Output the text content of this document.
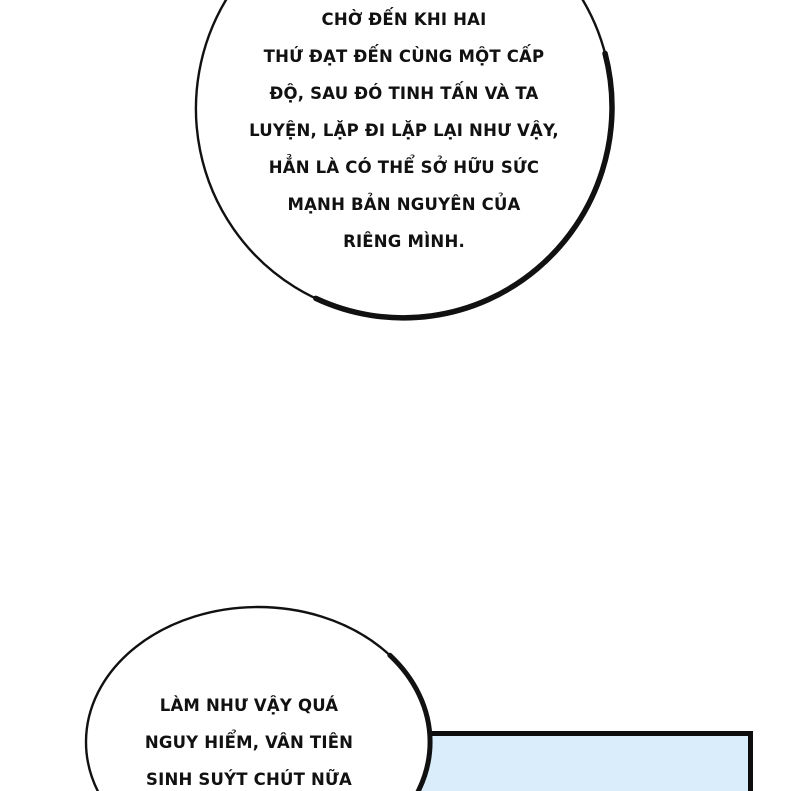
CHỜ ĐẾN KHI HAI
THỨ ĐẠT ĐẾN CÙNG MỘT CẤP
ĐỘ, SAU ĐÓ TINH TẤN VÀ TA
LUYỆN, LẶP ĐI LẶP LẠI NHƯ VẬY,
HẲN LÀ CÓ THỂ SỞ HỮU SỨC
MẠNH BẢN NGUYÊN CỦA
RIÊNG MÌNH.
LÀM NHƯ VẬY QUÁ
NGUY HIỂM, VÂN TIÊN
SINH SUÝT CHÚT NỮA
